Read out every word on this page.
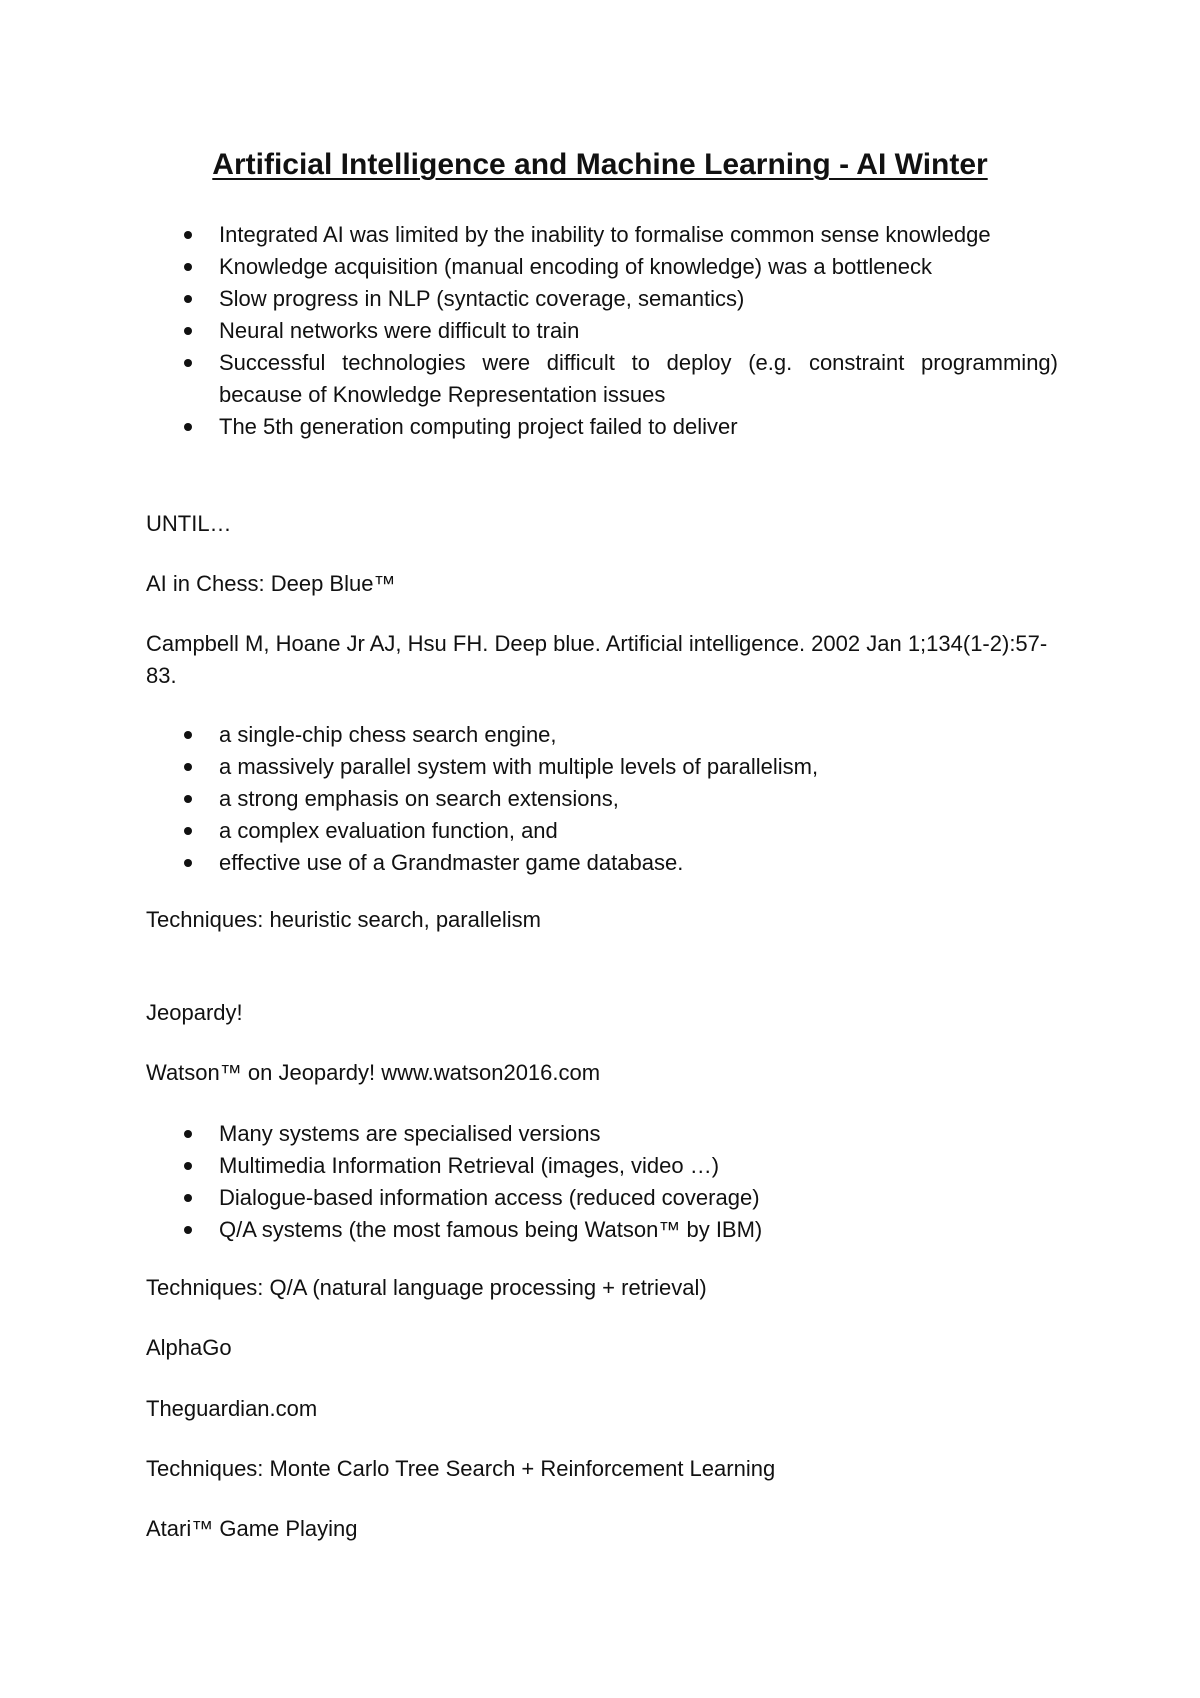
Artificial Intelligence and Machine Learning - AI Winter
Integrated AI was limited by the inability to formalise common sense knowledge
Knowledge acquisition (manual encoding of knowledge) was a bottleneck
Slow progress in NLP (syntactic coverage, semantics)
Neural networks were difficult to train
Successful technologies were difficult to deploy (e.g. constraint programming) because of Knowledge Representation issues
The 5th generation computing project failed to deliver

UNTIL…

AI in Chess: Deep Blue™

Campbell M, Hoane Jr AJ, Hsu FH. Deep blue. Artificial intelligence. 2002 Jan 1;134(1-2):57-83.

a single-chip chess search engine,
a massively parallel system with multiple levels of parallelism,
a strong emphasis on search extensions,
a complex evaluation function, and
effective use of a Grandmaster game database.

Techniques: heuristic search, parallelism

Jeopardy!

Watson™ on Jeopardy! www.watson2016.com

Many systems are specialised versions
Multimedia Information Retrieval (images, video …)
Dialogue-based information access (reduced coverage)
Q/A systems (the most famous being Watson™ by IBM)

Techniques: Q/A (natural language processing + retrieval)

AlphaGo

Theguardian.com

Techniques: Monte Carlo Tree Search + Reinforcement Learning

Atari™ Game Playing
